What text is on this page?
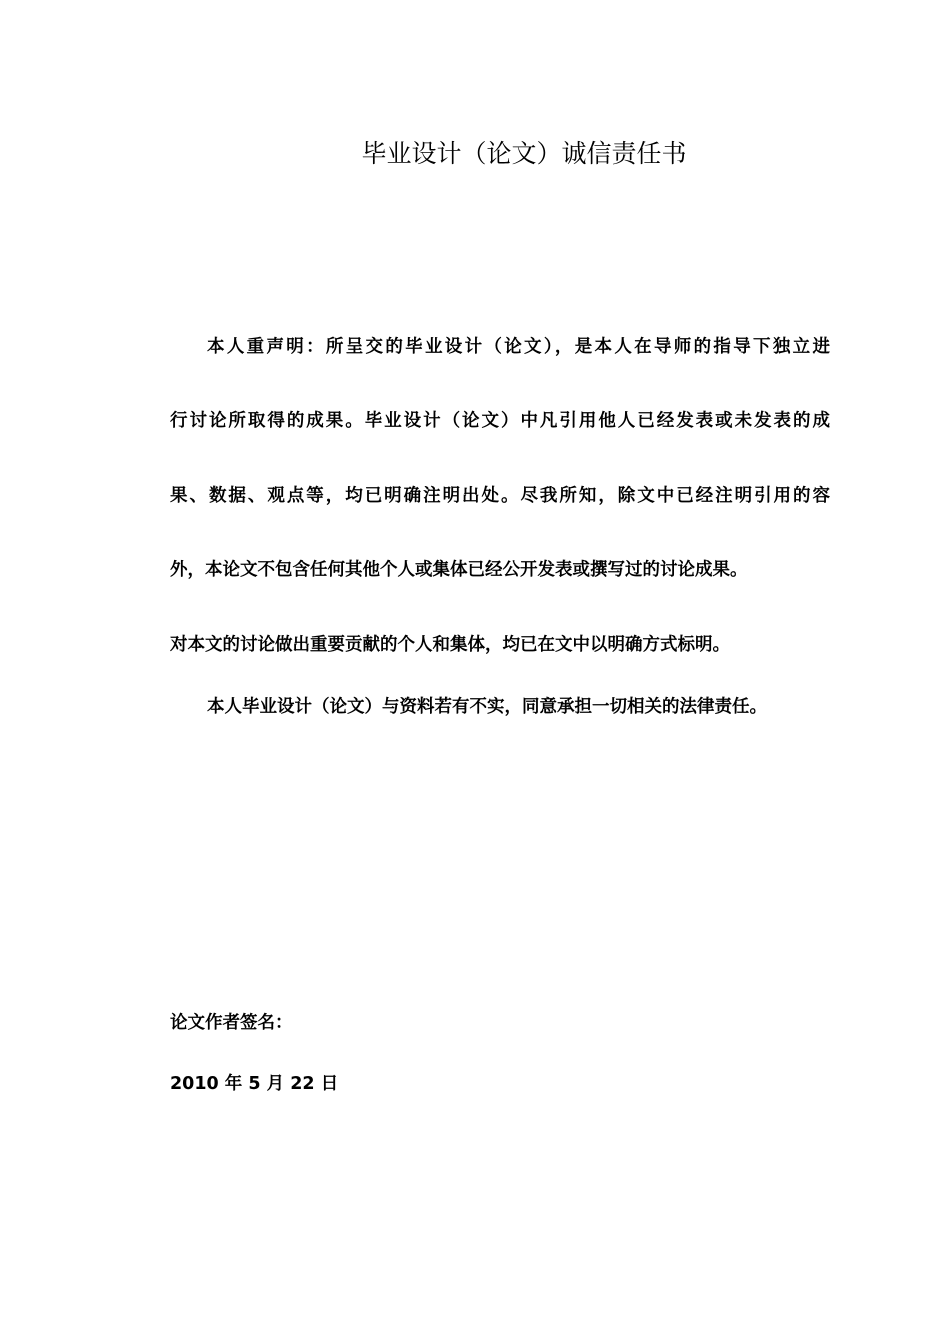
毕业设计（论文）诚信责任书
本人重声明：所呈交的毕业设计（论文），是本人在导师的指导下独立进
行讨论所取得的成果。毕业设计（论文）中凡引用他人已经发表或未发表的成
果、数据、观点等，均已明确注明出处。尽我所知，除文中已经注明引用的容
外，本论文不包含任何其他个人或集体已经公开发表或撰写过的讨论成果。
对本文的讨论做出重要贡献的个人和集体，均已在文中以明确方式标明。
本人毕业设计（论文）与资料若有不实，同意承担一切相关的法律责任。
论文作者签名：
2010 年 5 月 22 日
